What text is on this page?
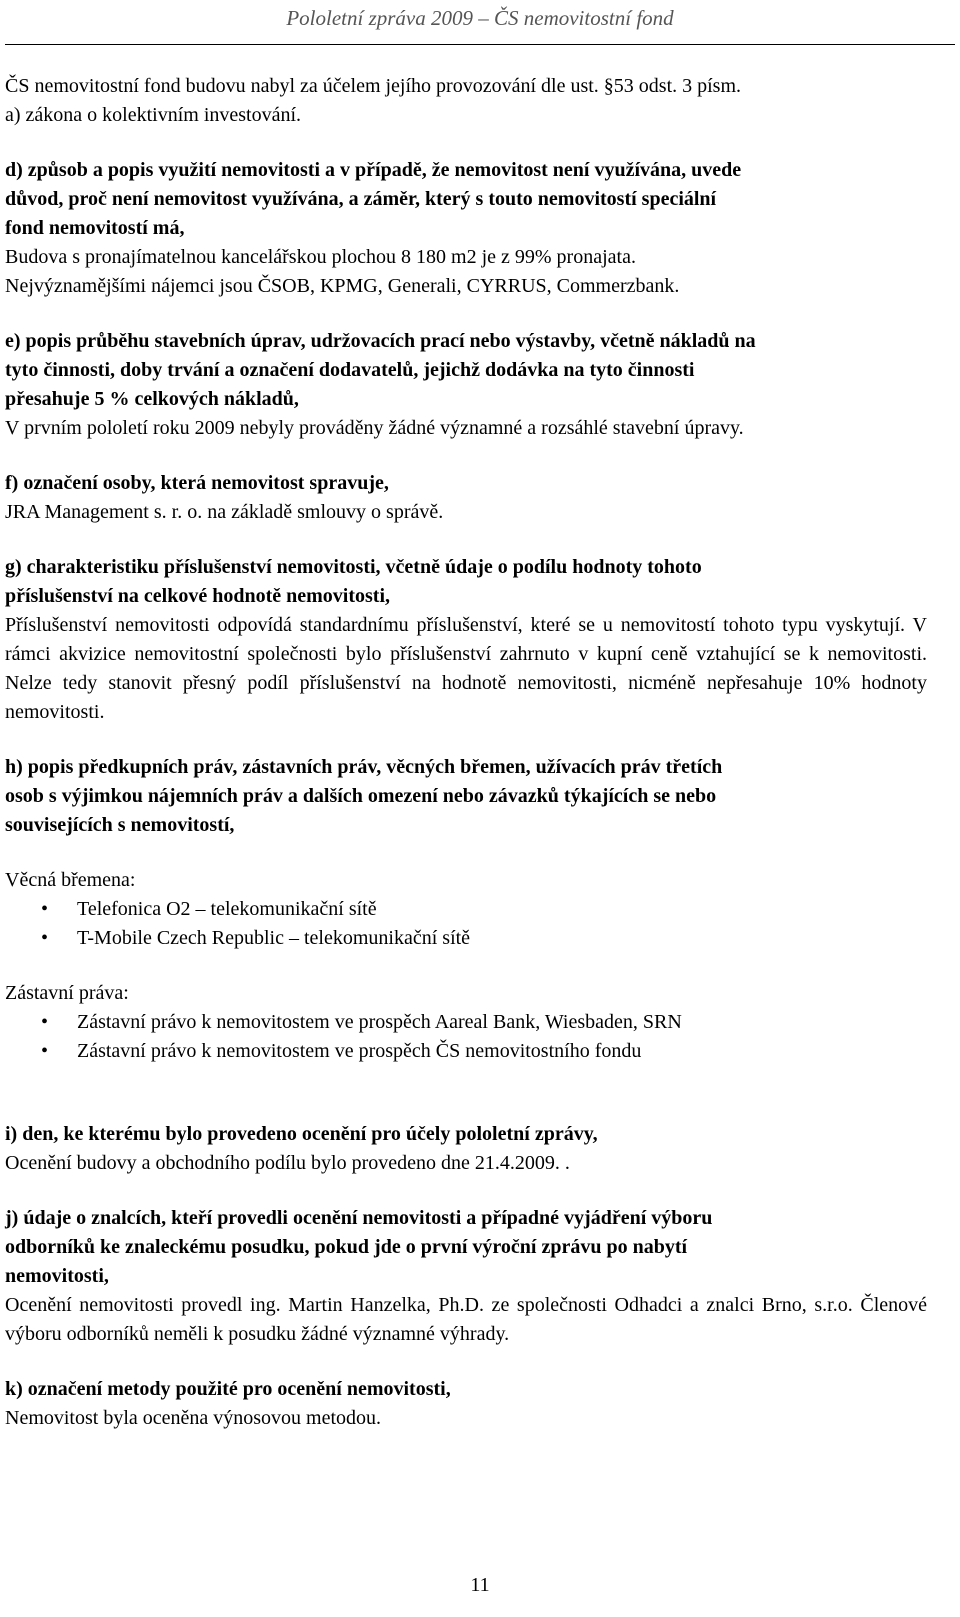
Pololetní zpráva 2009 – ČS nemovitostní fond

ČS nemovitostní fond budovu nabyl za účelem jejího provozování dle ust. §53 odst. 3 písm.

a) zákona o kolektivním investování.

d) způsob a popis využití nemovitosti a v případě, že nemovitost není využívána, uvede

důvod, proč není nemovitost využívána, a záměr, který s touto nemovitostí speciální

fond nemovitostí má,

Budova s pronajímatelnou kancelářskou plochou 8 180 m2 je z 99% pronajata.

Nejvýznamějšími nájemci jsou ČSOB, KPMG, Generali, CYRRUS, Commerzbank.

e) popis průběhu stavebních úprav, udržovacích prací nebo výstavby, včetně nákladů na

tyto činnosti, doby trvání a označení dodavatelů, jejichž dodávka na tyto činnosti

přesahuje 5 % celkových nákladů,

V prvním pololetí roku 2009 nebyly prováděny žádné významné a rozsáhlé stavební úpravy.

f) označení osoby, která nemovitost spravuje,

JRA Management s. r. o. na základě smlouvy o správě.

g) charakteristiku příslušenství nemovitosti, včetně údaje o podílu hodnoty tohoto

příslušenství na celkové hodnotě nemovitosti,

Příslušenství nemovitosti odpovídá standardnímu příslušenství, které se u nemovitostí tohoto typu vyskytují. V rámci akvizice nemovitostní společnosti bylo příslušenství zahrnuto v kupní ceně vztahující se k nemovitosti. Nelze tedy stanovit přesný podíl příslušenství na hodnotě nemovitosti, nicméně nepřesahuje 10% hodnoty nemovitosti.

h) popis předkupních práv, zástavních práv, věcných břemen, užívacích práv třetích

osob s výjimkou nájemních práv a dalších omezení nebo závazků týkajících se nebo

souvisejících s nemovitostí,

Věcná břemena:

• Telefonica O2 – telekomunikační sítě
• T-Mobile Czech Republic – telekomunikační sítě

Zástavní práva:

• Zástavní právo k nemovitostem ve prospěch Aareal Bank, Wiesbaden, SRN
• Zástavní právo k nemovitostem ve prospěch ČS nemovitostního fondu

i) den, ke kterému bylo provedeno ocenění pro účely pololetní zprávy,

Ocenění budovy a obchodního podílu bylo provedeno dne 21.4.2009. .

j) údaje o znalcích, kteří provedli ocenění nemovitosti a případné vyjádření výboru

odborníků ke znaleckému posudku, pokud jde o první výroční zprávu po nabytí

nemovitosti,

Ocenění nemovitosti provedl ing. Martin Hanzelka, Ph.D. ze společnosti Odhadci a znalci Brno, s.r.o. Členové výboru odborníků neměli k posudku žádné významné výhrady.

k) označení metody použité pro ocenění nemovitosti,

Nemovitost byla oceněna výnosovou metodou.

11
